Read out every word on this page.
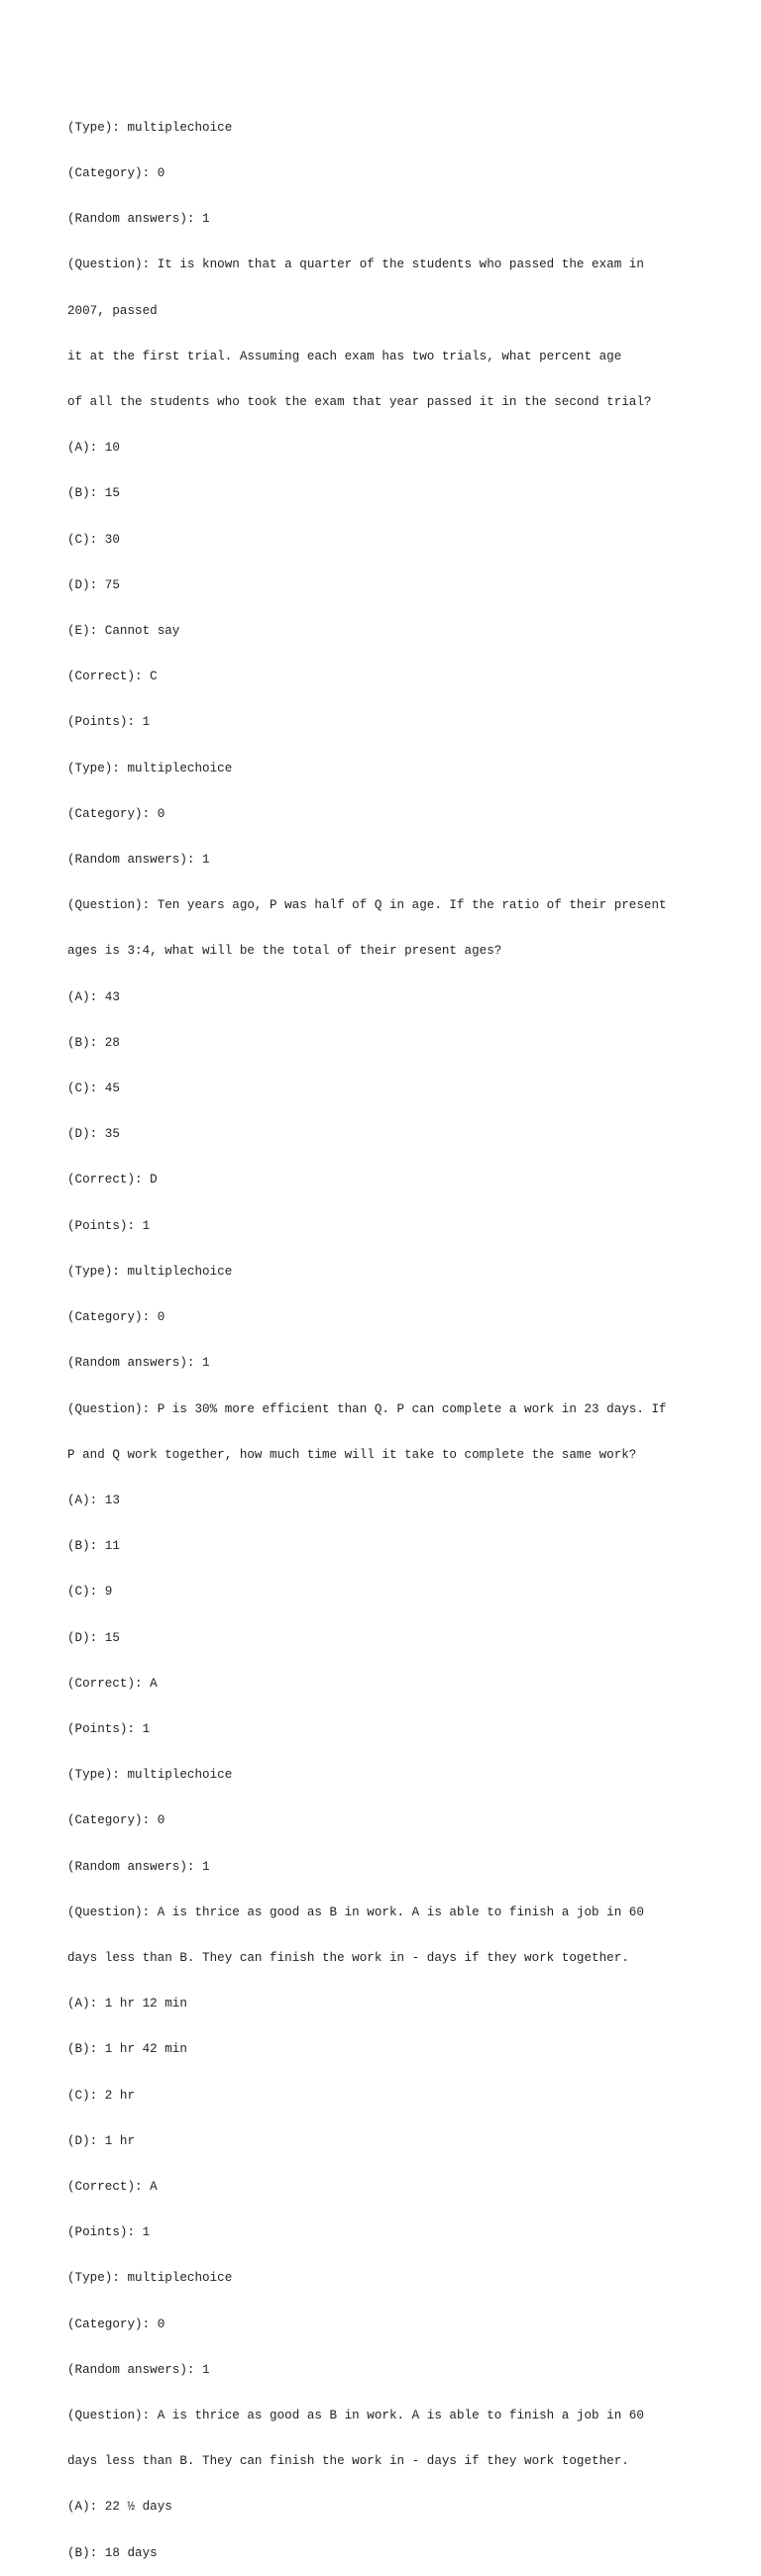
(Type): multiplechoice

(Category): 0

(Random answers): 1

(Question): It is known that a quarter of the students who passed the exam in

2007, passed

it at the first trial. Assuming each exam has two trials, what percent age

of all the students who took the exam that year passed it in the second trial?

(A): 10

(B): 15

(C): 30

(D): 75

(E): Cannot say

(Correct): C

(Points): 1

(Type): multiplechoice

(Category): 0

(Random answers): 1

(Question): Ten years ago, P was half of Q in age. If the ratio of their present

ages is 3:4, what will be the total of their present ages?

(A): 43

(B): 28

(C): 45

(D): 35

(Correct): D

(Points): 1

(Type): multiplechoice

(Category): 0

(Random answers): 1

(Question): P is 30% more efficient than Q. P can complete a work in 23 days. If

P and Q work together, how much time will it take to complete the same work?

(A): 13

(B): 11

(C): 9

(D): 15

(Correct): A

(Points): 1

(Type): multiplechoice

(Category): 0

(Random answers): 1

(Question): A is thrice as good as B in work. A is able to finish a job in 60

days less than B. They can finish the work in - days if they work together.

(A): 1 hr 12 min

(B): 1 hr 42 min

(C): 2 hr

(D): 1 hr

(Correct): A

(Points): 1

(Type): multiplechoice

(Category): 0

(Random answers): 1

(Question): A is thrice as good as B in work. A is able to finish a job in 60

days less than B. They can finish the work in - days if they work together.

(A): 22 ½ days

(B): 18 days
